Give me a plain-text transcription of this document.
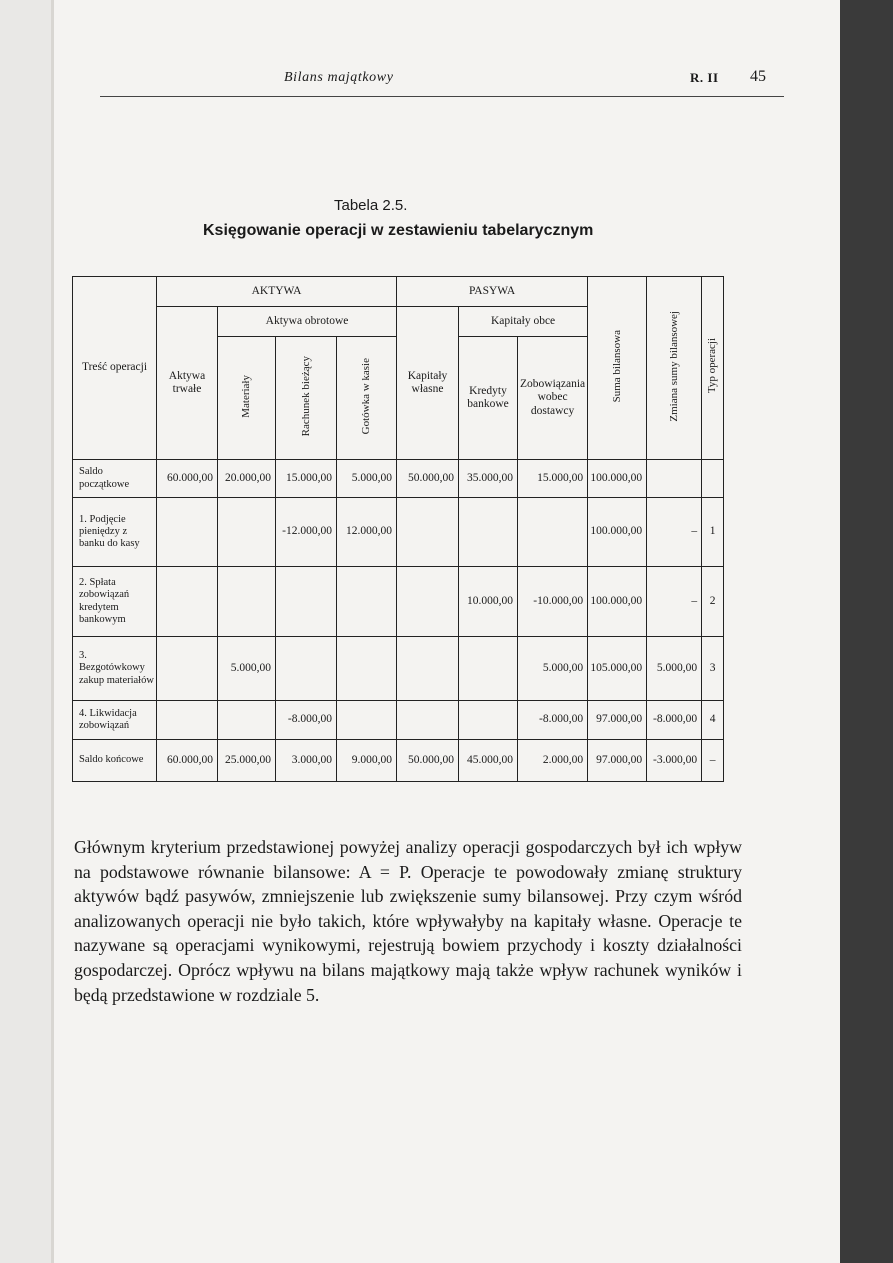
Bilans majątkowy	R. II 45
Tabela 2.5.
Księgowanie operacji w zestawieniu tabelarycznym
Treść operacji	AKTYWA				PASYWA			Suma bilansowa	Zmiana sumy bilansowej	Typ operacji
	Aktywa trwałe	Aktywa obrotowe			Kapitały własne	Kapitały obce				
		Materiały	Rachunek bieżący	Gotówka w kasie		Kredyty bankowe	Zobowiązania wobec dostawcy			
Saldo początkowe	60.000,00	20.000,00	15.000,00	5.000,00	50.000,00	35.000,00	15.000,00	100.000,00		
1. Podjęcie pieniędzy z banku do kasy			-12.000,00	12.000,00				100.000,00	–	1
2. Spłata zobowiązań kredytem bankowym						10.000,00	-10.000,00	100.000,00	–	2
3. Bezgotówkowy zakup materiałów		5.000,00					5.000,00	105.000,00	5.000,00	3
4. Likwidacja zobowiązań			-8.000,00				-8.000,00	97.000,00	-8.000,00	4
Saldo końcowe	60.000,00	25.000,00	3.000,00	9.000,00	50.000,00	45.000,00	2.000,00	97.000,00	-3.000,00	–
Głównym kryterium przedstawionej powyżej analizy operacji gospodarczych był ich wpływ na podstawowe równanie bilansowe: A = P. Operacje te powodowały zmianę struktury aktywów bądź pasywów, zmniejszenie lub zwiększenie sumy bilansowej. Przy czym wśród analizowanych operacji nie było takich, które wpływałyby na kapitały własne. Operacje te nazywane są operacjami wynikowymi, rejestrują bowiem przychody i koszty działalności gospodarczej. Oprócz wpływu na bilans majątkowy mają także wpływ rachunek wyników i będą przedstawione w rozdziale 5.
